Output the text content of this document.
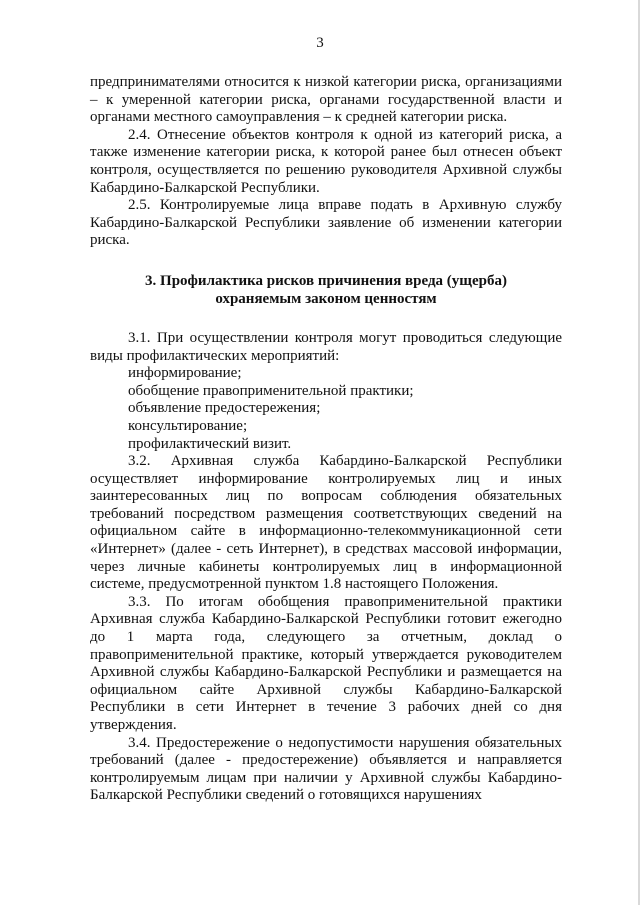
3

предпринимателями относится к низкой категории риска, организациями – к умеренной категории риска, органами государственной власти и органами местного самоуправления – к средней категории риска.

2.4. Отнесение объектов контроля к одной из категорий риска, а также изменение категории риска, к которой ранее был отнесен объект контроля, осуществляется по решению руководителя Архивной службы Кабардино-Балкарской Республики.

2.5. Контролируемые лица вправе подать в Архивную службу Кабардино-Балкарской Республики заявление об изменении категории риска.

3. Профилактика рисков причинения вреда (ущерба)
охраняемым законом ценностям

3.1. При осуществлении контроля могут проводиться следующие виды профилактических мероприятий:

информирование;

обобщение правоприменительной практики;

объявление предостережения;

консультирование;

профилактический визит.

3.2. Архивная служба Кабардино-Балкарской Республики осуществляет информирование контролируемых лиц и иных заинтересованных лиц по вопросам соблюдения обязательных требований посредством размещения соответствующих сведений на официальном сайте в информационно-телекоммуникационной сети «Интернет» (далее - сеть Интернет), в средствах массовой информации, через личные кабинеты контролируемых лиц в информационной системе, предусмотренной пунктом 1.8 настоящего Положения.

3.3. По итогам обобщения правоприменительной практики Архивная служба Кабардино-Балкарской Республики готовит ежегодно до 1 марта года, следующего за отчетным, доклад о правоприменительной практике, который утверждается руководителем Архивной службы Кабардино-Балкарской Республики и размещается на официальном сайте Архивной службы Кабардино-Балкарской Республики в сети Интернет в течение 3 рабочих дней со дня утверждения.

3.4. Предостережение о недопустимости нарушения обязательных требований (далее - предостережение) объявляется и направляется контролируемым лицам при наличии у Архивной службы Кабардино-Балкарской Республики сведений о готовящихся нарушениях
